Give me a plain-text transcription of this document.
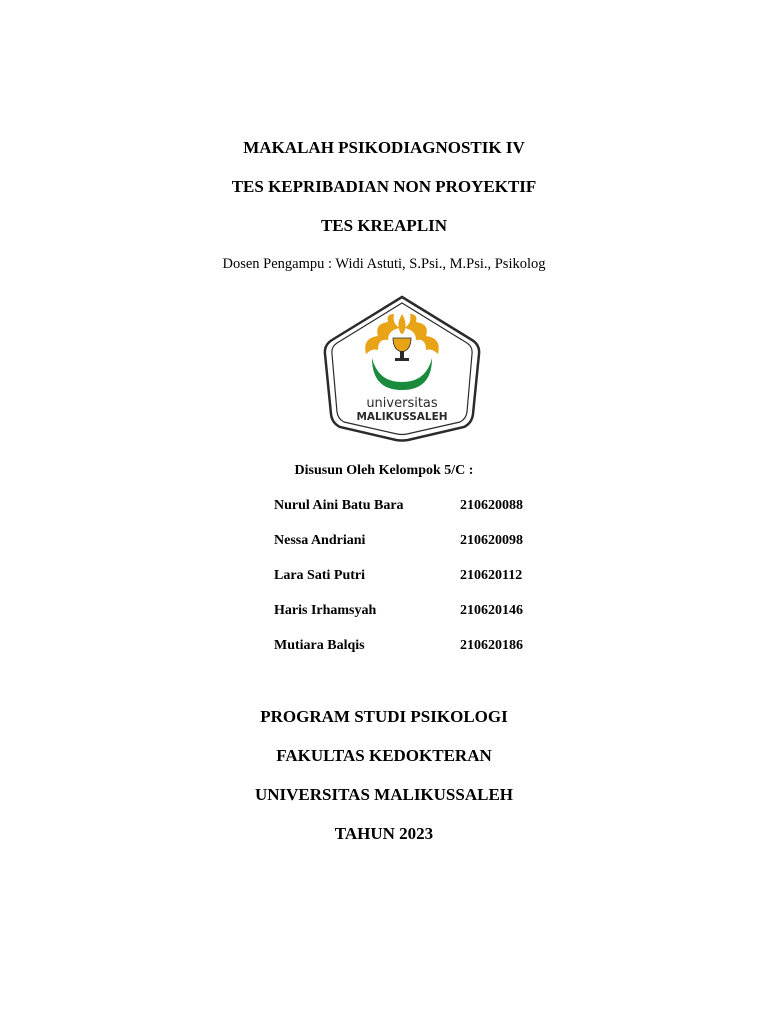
MAKALAH PSIKODIAGNOSTIK IV
TES KEPRIBADIAN NON PROYEKTIF
TES KREAPLIN
Dosen Pengampu : Widi Astuti, S.Psi., M.Psi., Psikolog
universitas
MALIKUSSALEH
Disusun Oleh Kelompok 5/C :
Nurul Aini Batu Bara	210620088
Nessa Andriani	210620098
Lara Sati Putri	210620112
Haris Irhamsyah	210620146
Mutiara Balqis	210620186
PROGRAM STUDI PSIKOLOGI
FAKULTAS KEDOKTERAN
UNIVERSITAS MALIKUSSALEH
TAHUN 2023
